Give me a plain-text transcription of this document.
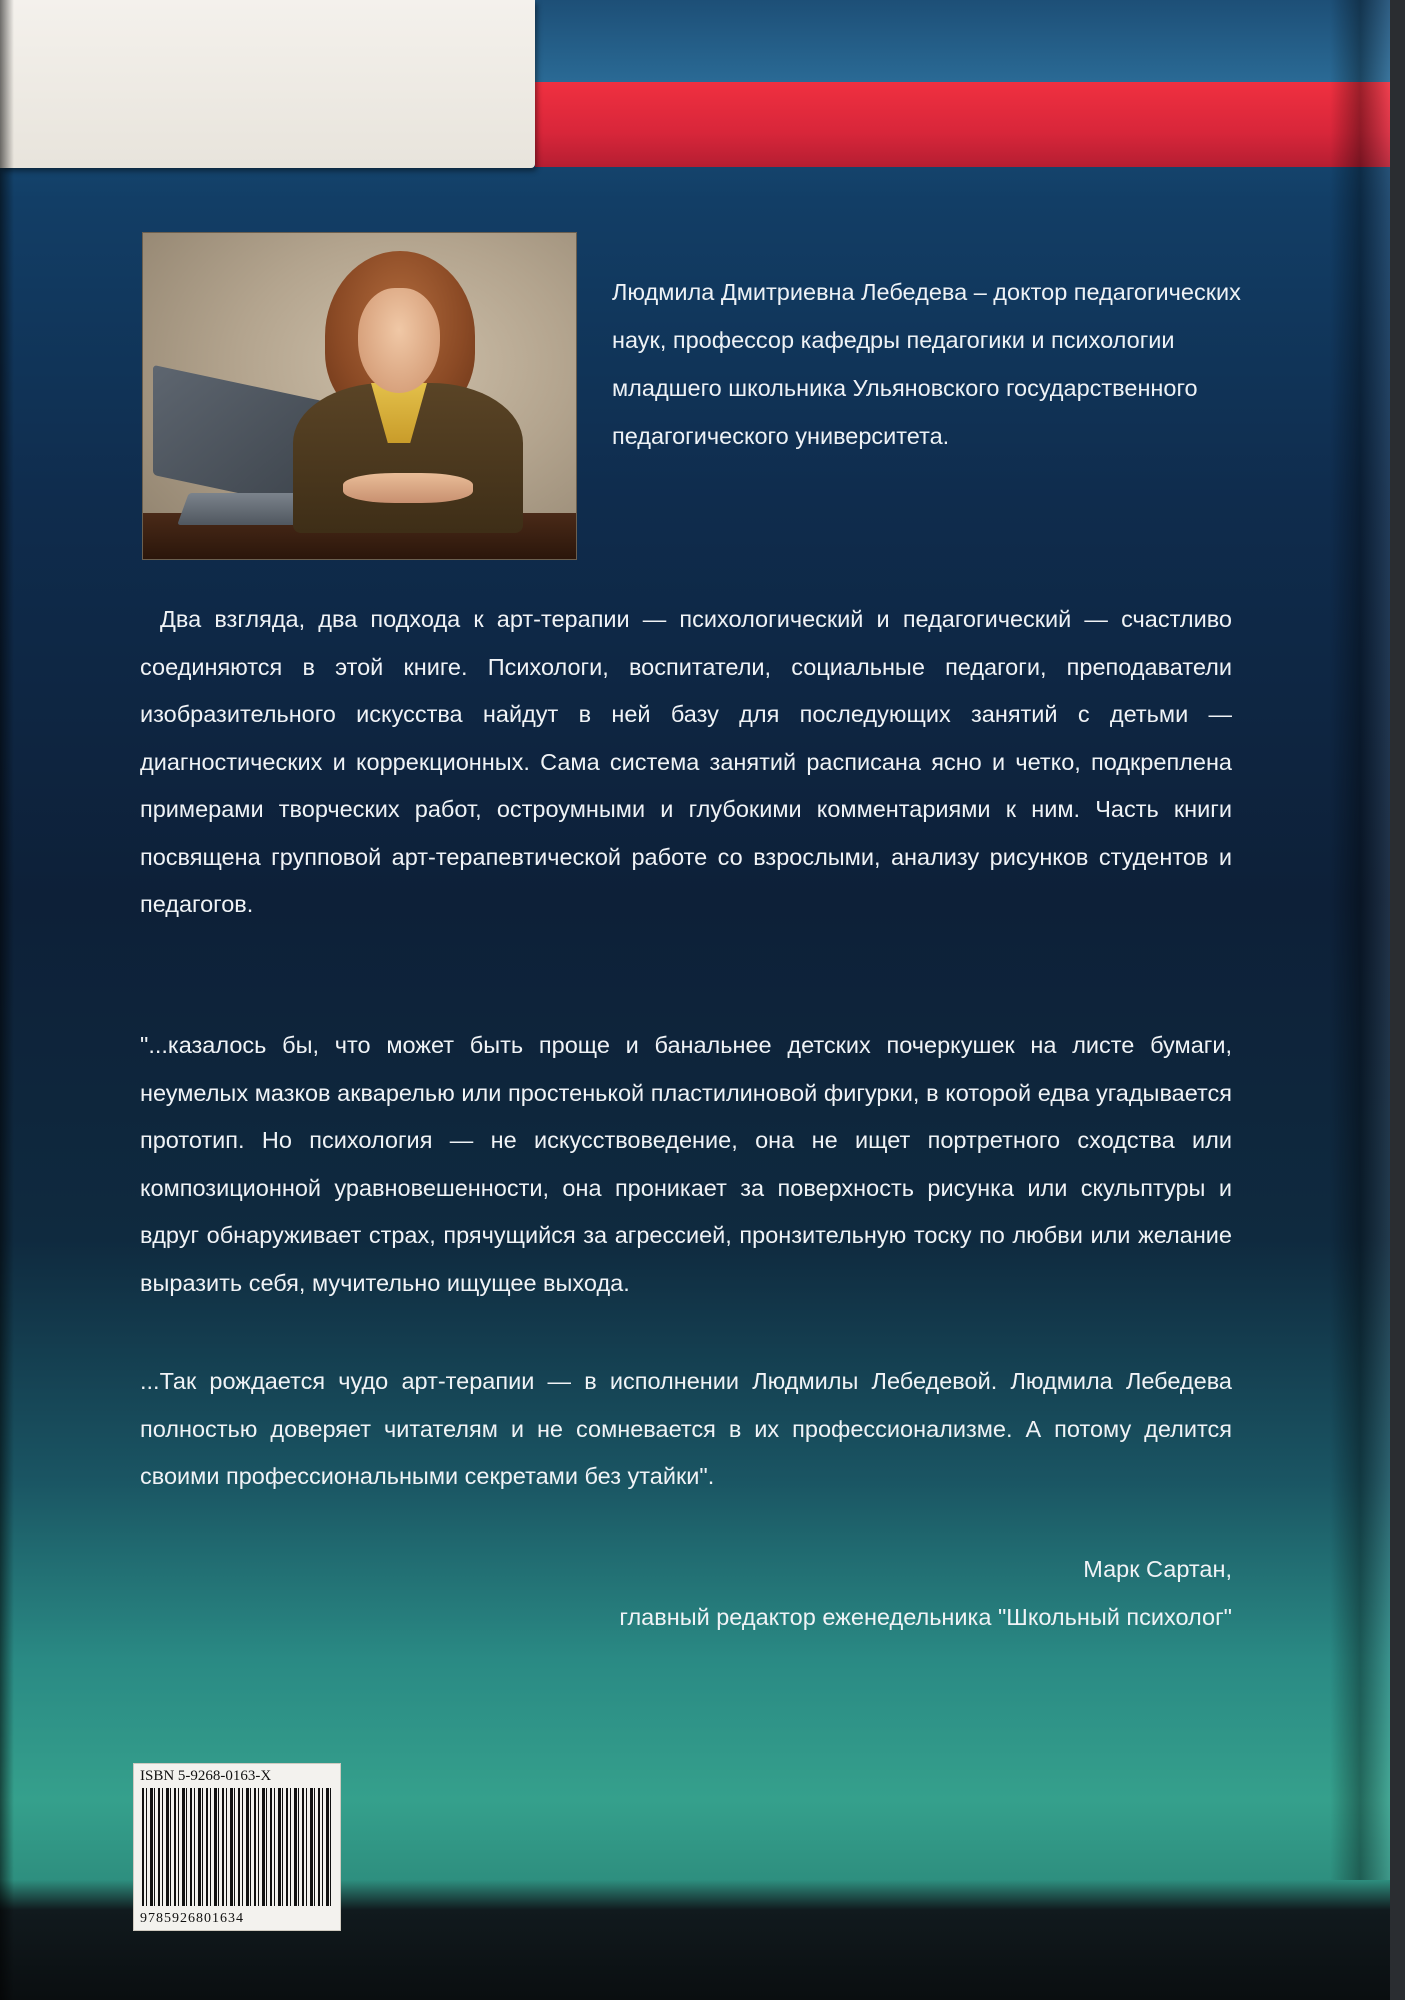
Людмила Дмитриевна Лебедева – доктор педагогических наук, профессор кафедры педагогики и психологии младшего школьника Ульяновского государственного педагогического университета.

Два взгляда, два подхода к арт-терапии — психологический и педагогический — счастливо соединяются в этой книге. Психологи, воспитатели, социальные педагоги, преподаватели изобразительного искусства найдут в ней базу для последующих занятий с детьми — диагностических и коррекционных. Сама система занятий расписана ясно и четко, подкреплена примерами творческих работ, остроумными и глубокими комментариями к ним. Часть книги посвящена групповой арт-терапевтической работе со взрослыми, анализу рисунков студентов и педагогов.

"...казалось бы, что может быть проще и банальнее детских почеркушек на листе бумаги, неумелых мазков акварелью или простенькой пластилиновой фигурки, в которой едва угадывается прототип. Но психология — не искусствоведение, она не ищет портретного сходства или композиционной уравновешенности, она проникает за поверхность рисунка или скульптуры и вдруг обнаруживает страх, прячущийся за агрессией, пронзительную тоску по любви или желание выразить себя, мучительно ищущее выхода.

...Так рождается чудо арт-терапии — в исполнении Людмилы Лебедевой. Людмила Лебедева полностью доверяет читателям и не сомневается в их профессионализме. А потому делится своими профессиональными секретами без утайки".

Марк Сартан,

главный редактор еженедельника "Школьный психолог"

ISBN 5-9268-0163-X
9785926801634
